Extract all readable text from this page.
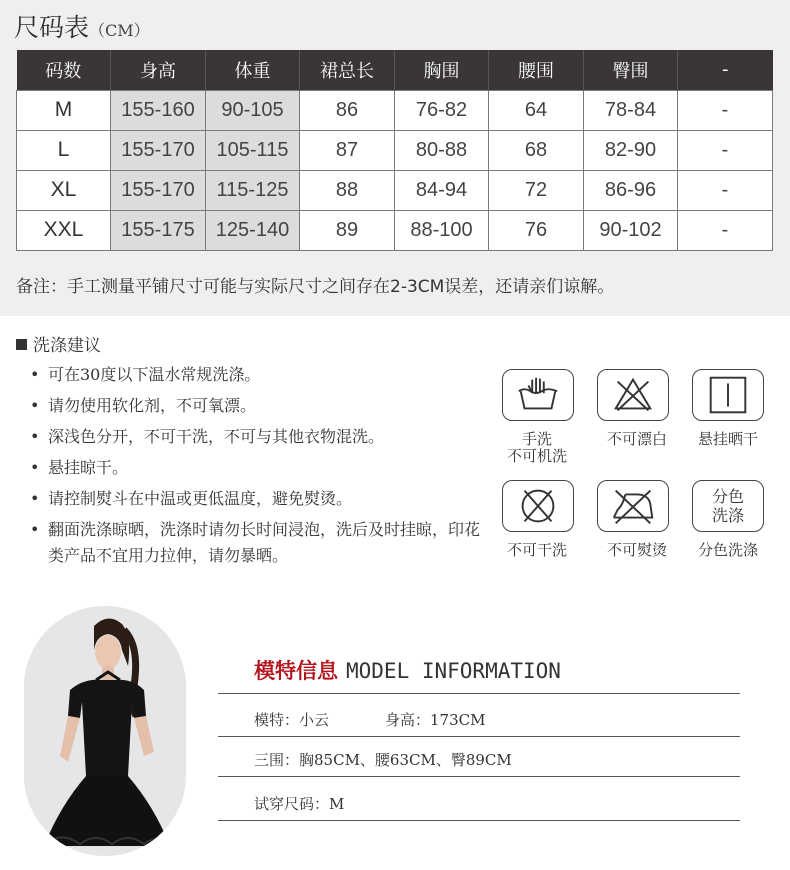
尺码表（CM）
码数	身高	体重	裙总长	胸围	腰围	臀围	-
M	155-160	90-105	86	76-82	64	78-84	-
L	155-170	105-115	87	80-88	68	82-90	-
XL	155-170	115-125	88	84-94	72	86-96	-
XXL	155-175	125-140	89	88-100	76	90-102	-
备注：手工测量平铺尺寸可能与实际尺寸之间存在2-3CM误差，还请亲们谅解。
洗涤建议
• 可在30度以下温水常规洗涤。
• 请勿使用软化剂，不可氧漂。
• 深浅色分开，不可干洗，不可与其他衣物混洗。
• 悬挂晾干。
• 请控制熨斗在中温或更低温度，避免熨烫。
• 翻面洗涤晾晒，洗涤时请勿长时间浸泡，洗后及时挂晾，印花类产品不宜用力拉伸，请勿暴晒。
手洗
不可机洗
不可漂白	悬挂晒干
不可干洗	不可熨烫
分色
洗涤
分色洗涤
模特信息 MODEL INFORMATION
模特：小云	身高：173CM
三围：胸85CM、腰63CM、臀89CM
试穿尺码：M
